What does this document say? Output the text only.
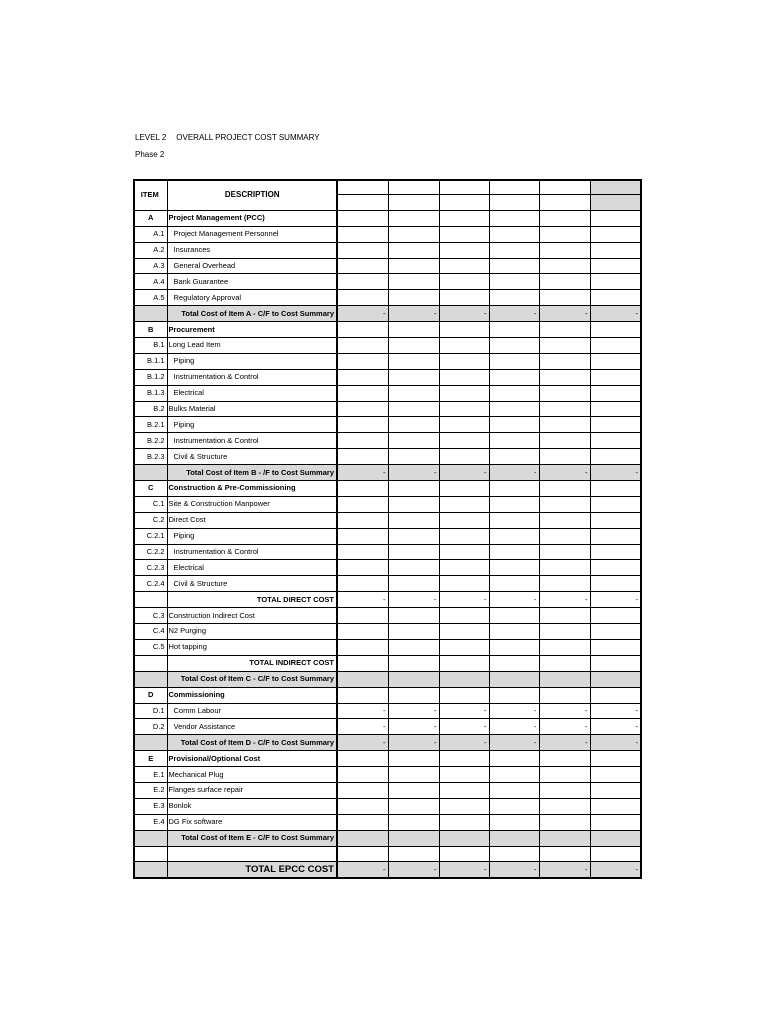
LEVEL 2 OVERALL PROJECT COST SUMMARY
Phase 2
ITEM	DESCRIPTION						

A	Project Management (PCC)						
A.1	Project Management Personnel						
A.2	Insurances						
A.3	General Overhead						
A.4	Bank Guarantee						
A.5	Regulatory Approval						
	Total Cost of Item A - C/F to Cost Summary	-	-	-	-	-	-
B	Procurement						
B.1	Long Lead Item						
B.1.1	Piping						
B.1.2	Instrumentation & Control						
B.1.3	Electrical						
B.2	Bulks Material						
B.2.1	Piping						
B.2.2	Instrumentation & Control						
B.2.3	Civil & Structure						
	Total Cost of Item B - /F to Cost Summary	-	-	-	-	-	-
C	Construction & Pre-Commissioning						
C.1	Site & Construction Manpower						
C.2	Direct Cost						
C.2.1	Piping						
C.2.2	Instrumentation & Control						
C.2.3	Electrical						
C.2.4	Civil & Structure						
	TOTAL DIRECT COST	-	-	-	-	-	-
C.3	Construction Indirect Cost						
C.4	N2 Purging						
C.5	Hot tapping						
	TOTAL INDIRECT COST						
	Total Cost of Item C - C/F to Cost Summary						
D	Commissioning						
D.1	Comm Labour	-	-	-	-	-	-
D.2	Vendor Assistance	-	-	-	-	-	-
	Total Cost of Item D - C/F to Cost Summary	-	-	-	-	-	-
E	Provisional/Optional Cost						
E.1	Mechanical Plug						
E.2	Flanges surface repair						
E.3	Bonlok						
E.4	DG Fix software						
	Total Cost of Item E - C/F to Cost Summary						

	TOTAL EPCC COST	-	-	-	-	-	-
